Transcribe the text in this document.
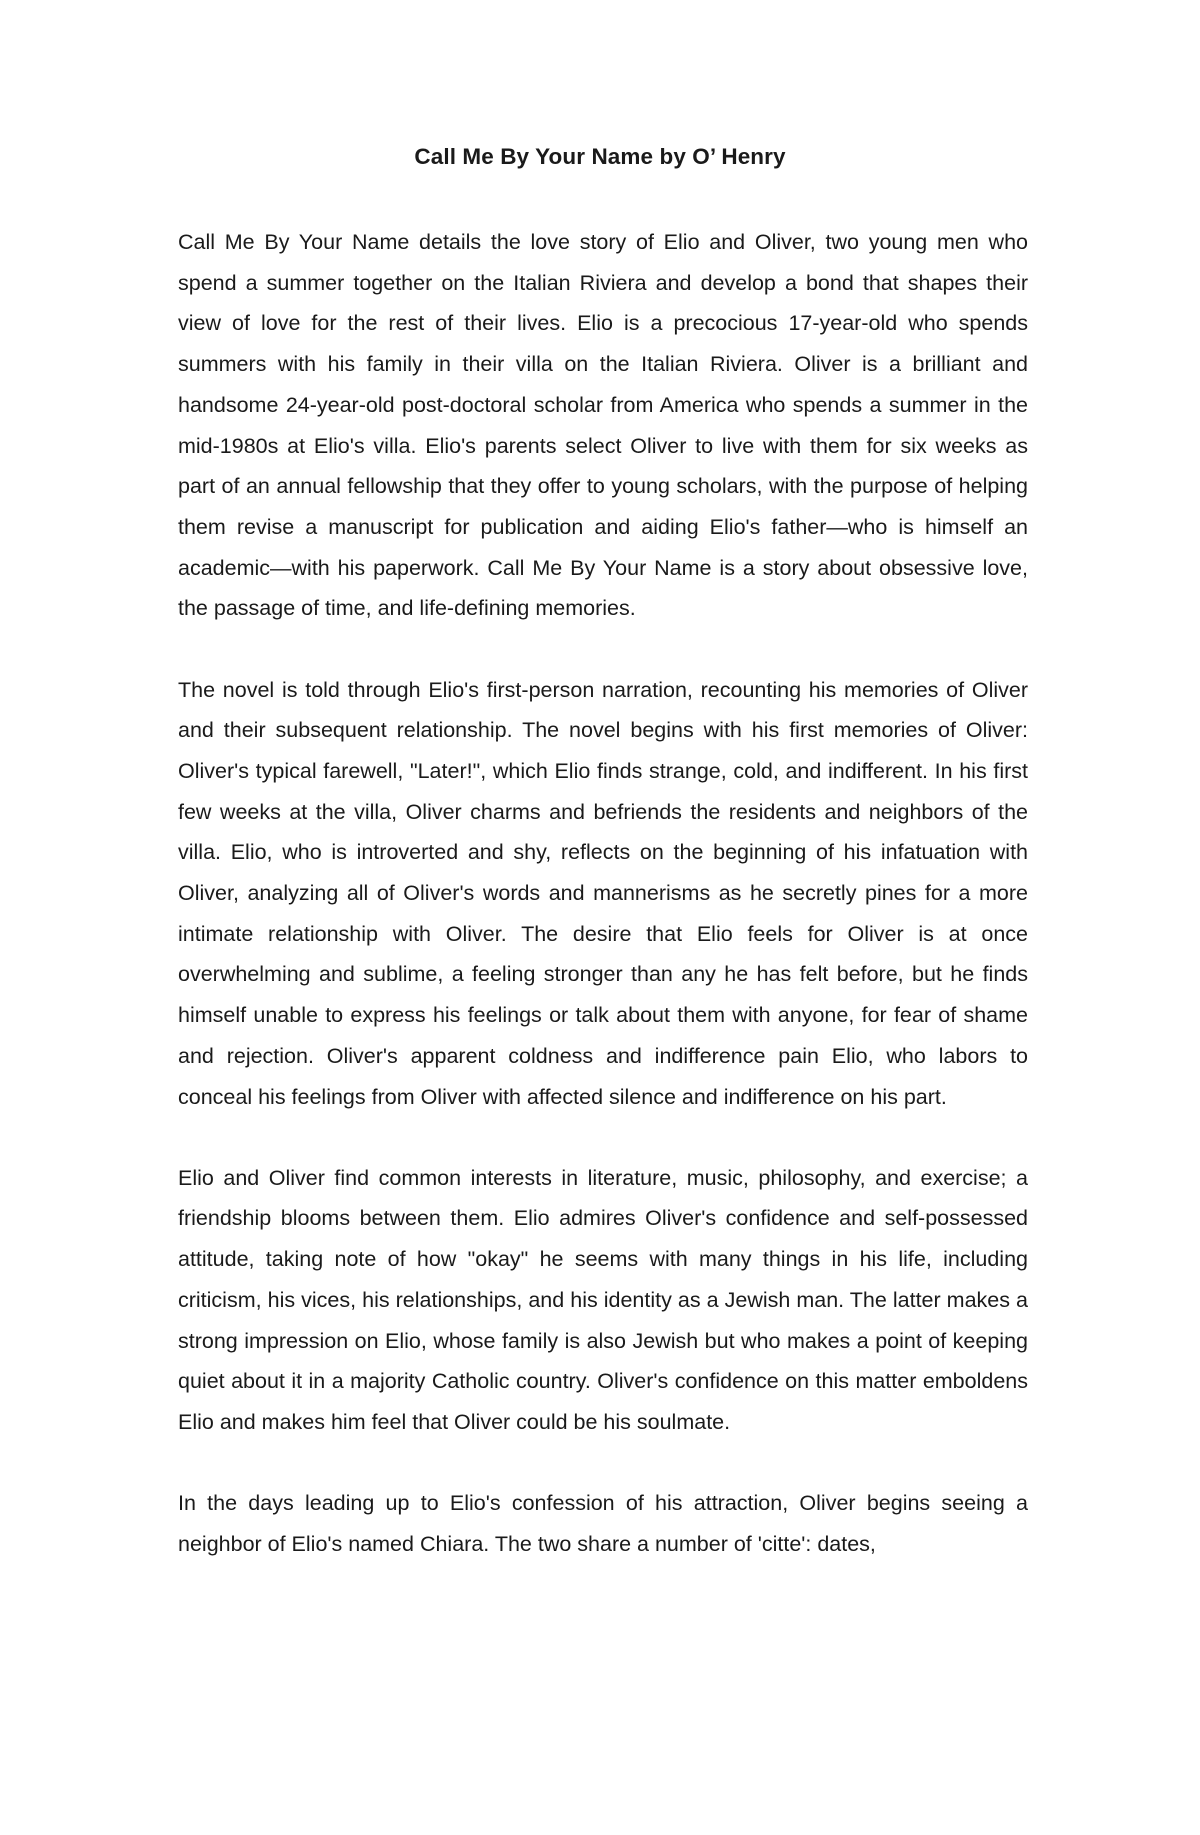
Call Me By Your Name by O’ Henry

Call Me By Your Name details the love story of Elio and Oliver, two young men who spend a summer together on the Italian Riviera and develop a bond that shapes their view of love for the rest of their lives. Elio is a precocious 17-year-old who spends summers with his family in their villa on the Italian Riviera. Oliver is a brilliant and handsome 24-year-old post-doctoral scholar from America who spends a summer in the mid-1980s at Elio's villa. Elio's parents select Oliver to live with them for six weeks as part of an annual fellowship that they offer to young scholars, with the purpose of helping them revise a manuscript for publication and aiding Elio's father—who is himself an academic—with his paperwork. Call Me By Your Name is a story about obsessive love, the passage of time, and life-defining memories.

The novel is told through Elio's first-person narration, recounting his memories of Oliver and their subsequent relationship. The novel begins with his first memories of Oliver: Oliver's typical farewell, "Later!", which Elio finds strange, cold, and indifferent. In his first few weeks at the villa, Oliver charms and befriends the residents and neighbors of the villa. Elio, who is introverted and shy, reflects on the beginning of his infatuation with Oliver, analyzing all of Oliver's words and mannerisms as he secretly pines for a more intimate relationship with Oliver. The desire that Elio feels for Oliver is at once overwhelming and sublime, a feeling stronger than any he has felt before, but he finds himself unable to express his feelings or talk about them with anyone, for fear of shame and rejection. Oliver's apparent coldness and indifference pain Elio, who labors to conceal his feelings from Oliver with affected silence and indifference on his part.

Elio and Oliver find common interests in literature, music, philosophy, and exercise; a friendship blooms between them. Elio admires Oliver's confidence and self-possessed attitude, taking note of how "okay" he seems with many things in his life, including criticism, his vices, his relationships, and his identity as a Jewish man. The latter makes a strong impression on Elio, whose family is also Jewish but who makes a point of keeping quiet about it in a majority Catholic country. Oliver's confidence on this matter emboldens Elio and makes him feel that Oliver could be his soulmate.

In the days leading up to Elio's confession of his attraction, Oliver begins seeing a neighbor of Elio's named Chiara. The two share a number of 'citte': dates,
